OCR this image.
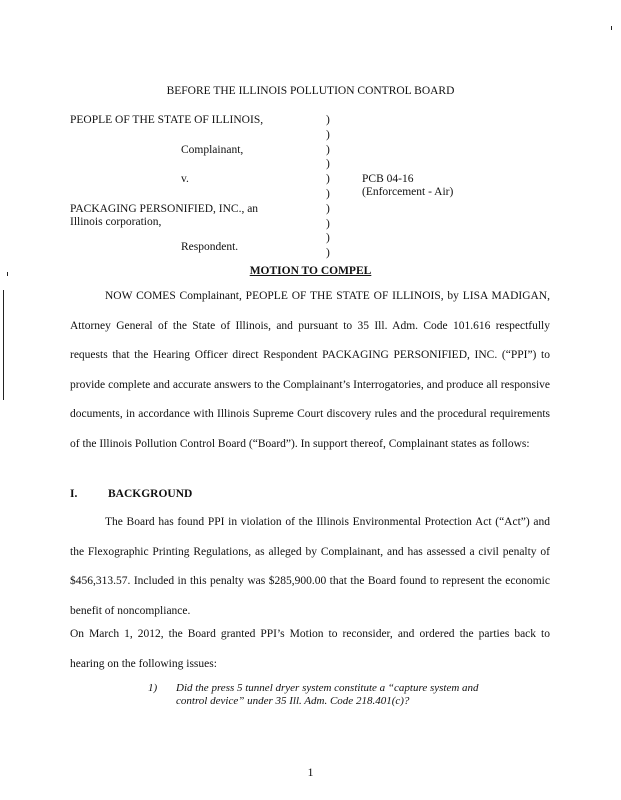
BEFORE THE ILLINOIS POLLUTION CONTROL BOARD
PEOPLE OF THE STATE OF ILLINOIS,
Complainant,
v.
PACKAGING PERSONIFIED, INC., an
Illinois corporation,
Respondent.
)
)
)
)
)
)
)
)
)
)
PCB 04-16
(Enforcement - Air)
MOTION TO COMPEL

NOW COMES Complainant, PEOPLE OF THE STATE OF ILLINOIS, by LISA MADIGAN, Attorney General of the State of Illinois, and pursuant to 35 Ill. Adm. Code 101.616 respectfully requests that the Hearing Officer direct Respondent PACKAGING PERSONIFIED, INC. (“PPI”) to provide complete and accurate answers to the Complainant’s Interrogatories, and produce all responsive documents, in accordance with Illinois Supreme Court discovery rules and the procedural requirements of the Illinois Pollution Control Board (“Board”). In support thereof, Complainant states as follows:

I.	BACKGROUND

The Board has found PPI in violation of the Illinois Environmental Protection Act (“Act”) and the Flexographic Printing Regulations, as alleged by Complainant, and has assessed a civil penalty of $456,313.57. Included in this penalty was $285,900.00 that the Board found to represent the economic benefit of noncompliance.

On March 1, 2012, the Board granted PPI’s Motion to reconsider, and ordered the parties back to hearing on the following issues:

1) Did the press 5 tunnel dryer system constitute a “capture system and control device” under 35 Ill. Adm. Code 218.401(c)?
1
